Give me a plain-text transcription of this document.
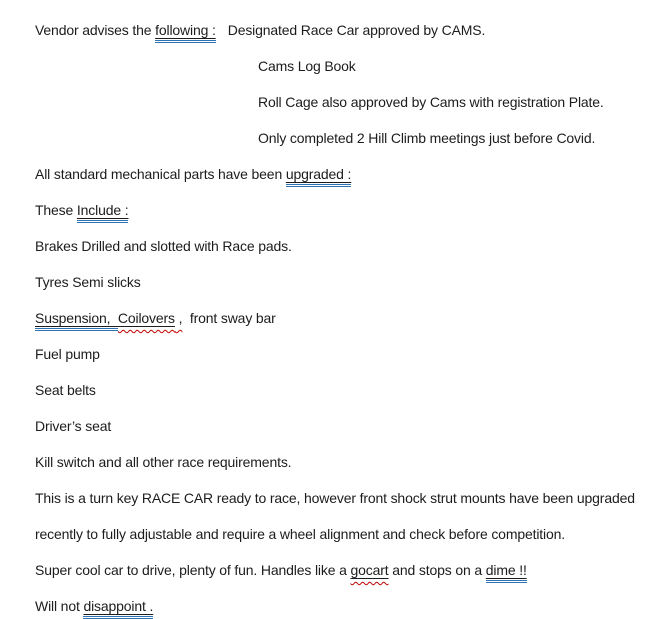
Vendor advises the following : Designated Race Car approved by CAMS.

Cams Log Book

Roll Cage also approved by Cams with registration Plate.

Only completed 2 Hill Climb meetings just before Covid.

All standard mechanical parts have been upgraded :

These Include :

Brakes Drilled and slotted with Race pads.

Tyres Semi slicks

Suspension,  Coilovers ,  front sway bar

Fuel pump

Seat belts

Driver’s seat

Kill switch and all other race requirements.

This is a turn key RACE CAR ready to race, however front shock strut mounts have been upgraded

recently to fully adjustable and require a wheel alignment and check before competition.

Super cool car to drive, plenty of fun. Handles like a gocart and stops on a dime !!

Will not disappoint .
